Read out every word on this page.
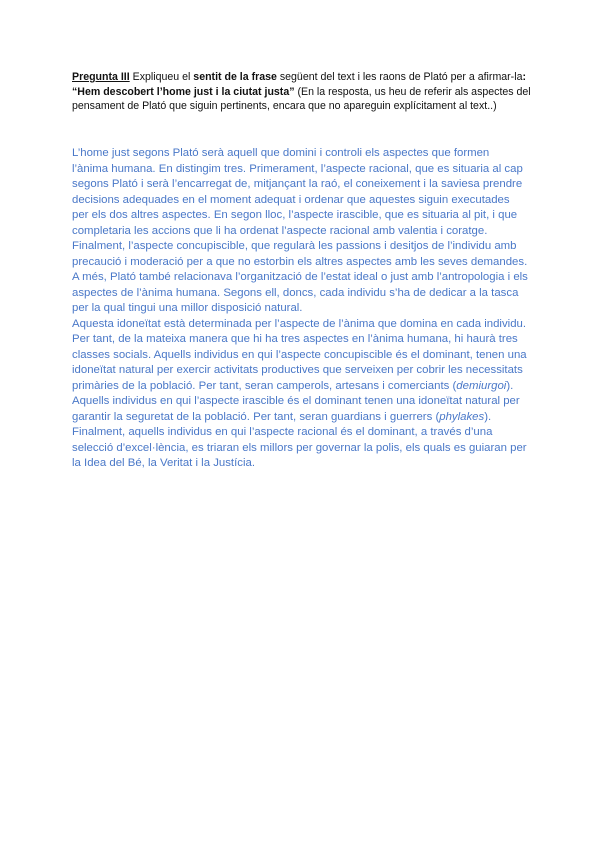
Pregunta III Expliqueu el sentit de la frase següent del text i les raons de Plató per a afirmar-la: “Hem descobert l’home just i la ciutat justa” (En la resposta, us heu de referir als aspectes del pensament de Plató que siguin pertinents, encara que no apareguin explícitament al text..)

L’home just segons Plató serà aquell que domini i controli els aspectes que formen l’ànima humana. En distingim tres. Primerament, l’aspecte racional, que es situaria al cap segons Plató i serà l’encarregat de, mitjançant la raó, el coneixement i la saviesa prendre decisions adequades en el moment adequat i ordenar que aquestes siguin executades per els dos altres aspectes. En segon lloc, l’aspecte irascible, que es situaria al pit, i que completaria les accions que li ha ordenat l’aspecte racional amb valentia i coratge. Finalment, l’aspecte concupiscible, que regularà les passions i desitjos de l’individu amb precaució i moderació per a que no estorbin els altres aspectes amb les seves demandes.

A més, Plató també relacionava l’organització de l’estat ideal o just amb l’antropologia i els aspectes de l’ànima humana. Segons ell, doncs, cada individu s’ha de dedicar a la tasca per la qual tingui una millor disposició natural.

Aquesta idoneïtat està determinada per l’aspecte de l’ànima que domina en cada individu. Per tant, de la mateixa manera que hi ha tres aspectes en l’ànima humana, hi haurà tres classes socials. Aquells individus en qui l’aspecte concupiscible és el dominant, tenen una idoneïtat natural per exercir activitats productives que serveixen per cobrir les necessitats primàries de la població. Per tant, seran camperols, artesans i comerciants (demiurgoi). Aquells individus en qui l’aspecte irascible és el dominant tenen una idoneïtat natural per garantir la seguretat de la població. Per tant, seran guardians i guerrers (phylakes). Finalment, aquells individus en qui l’aspecte racional és el dominant, a través d’una selecció d’excel·lència, es triaran els millors per governar la polis, els quals es guiaran per la Idea del Bé, la Veritat i la Justícia.
